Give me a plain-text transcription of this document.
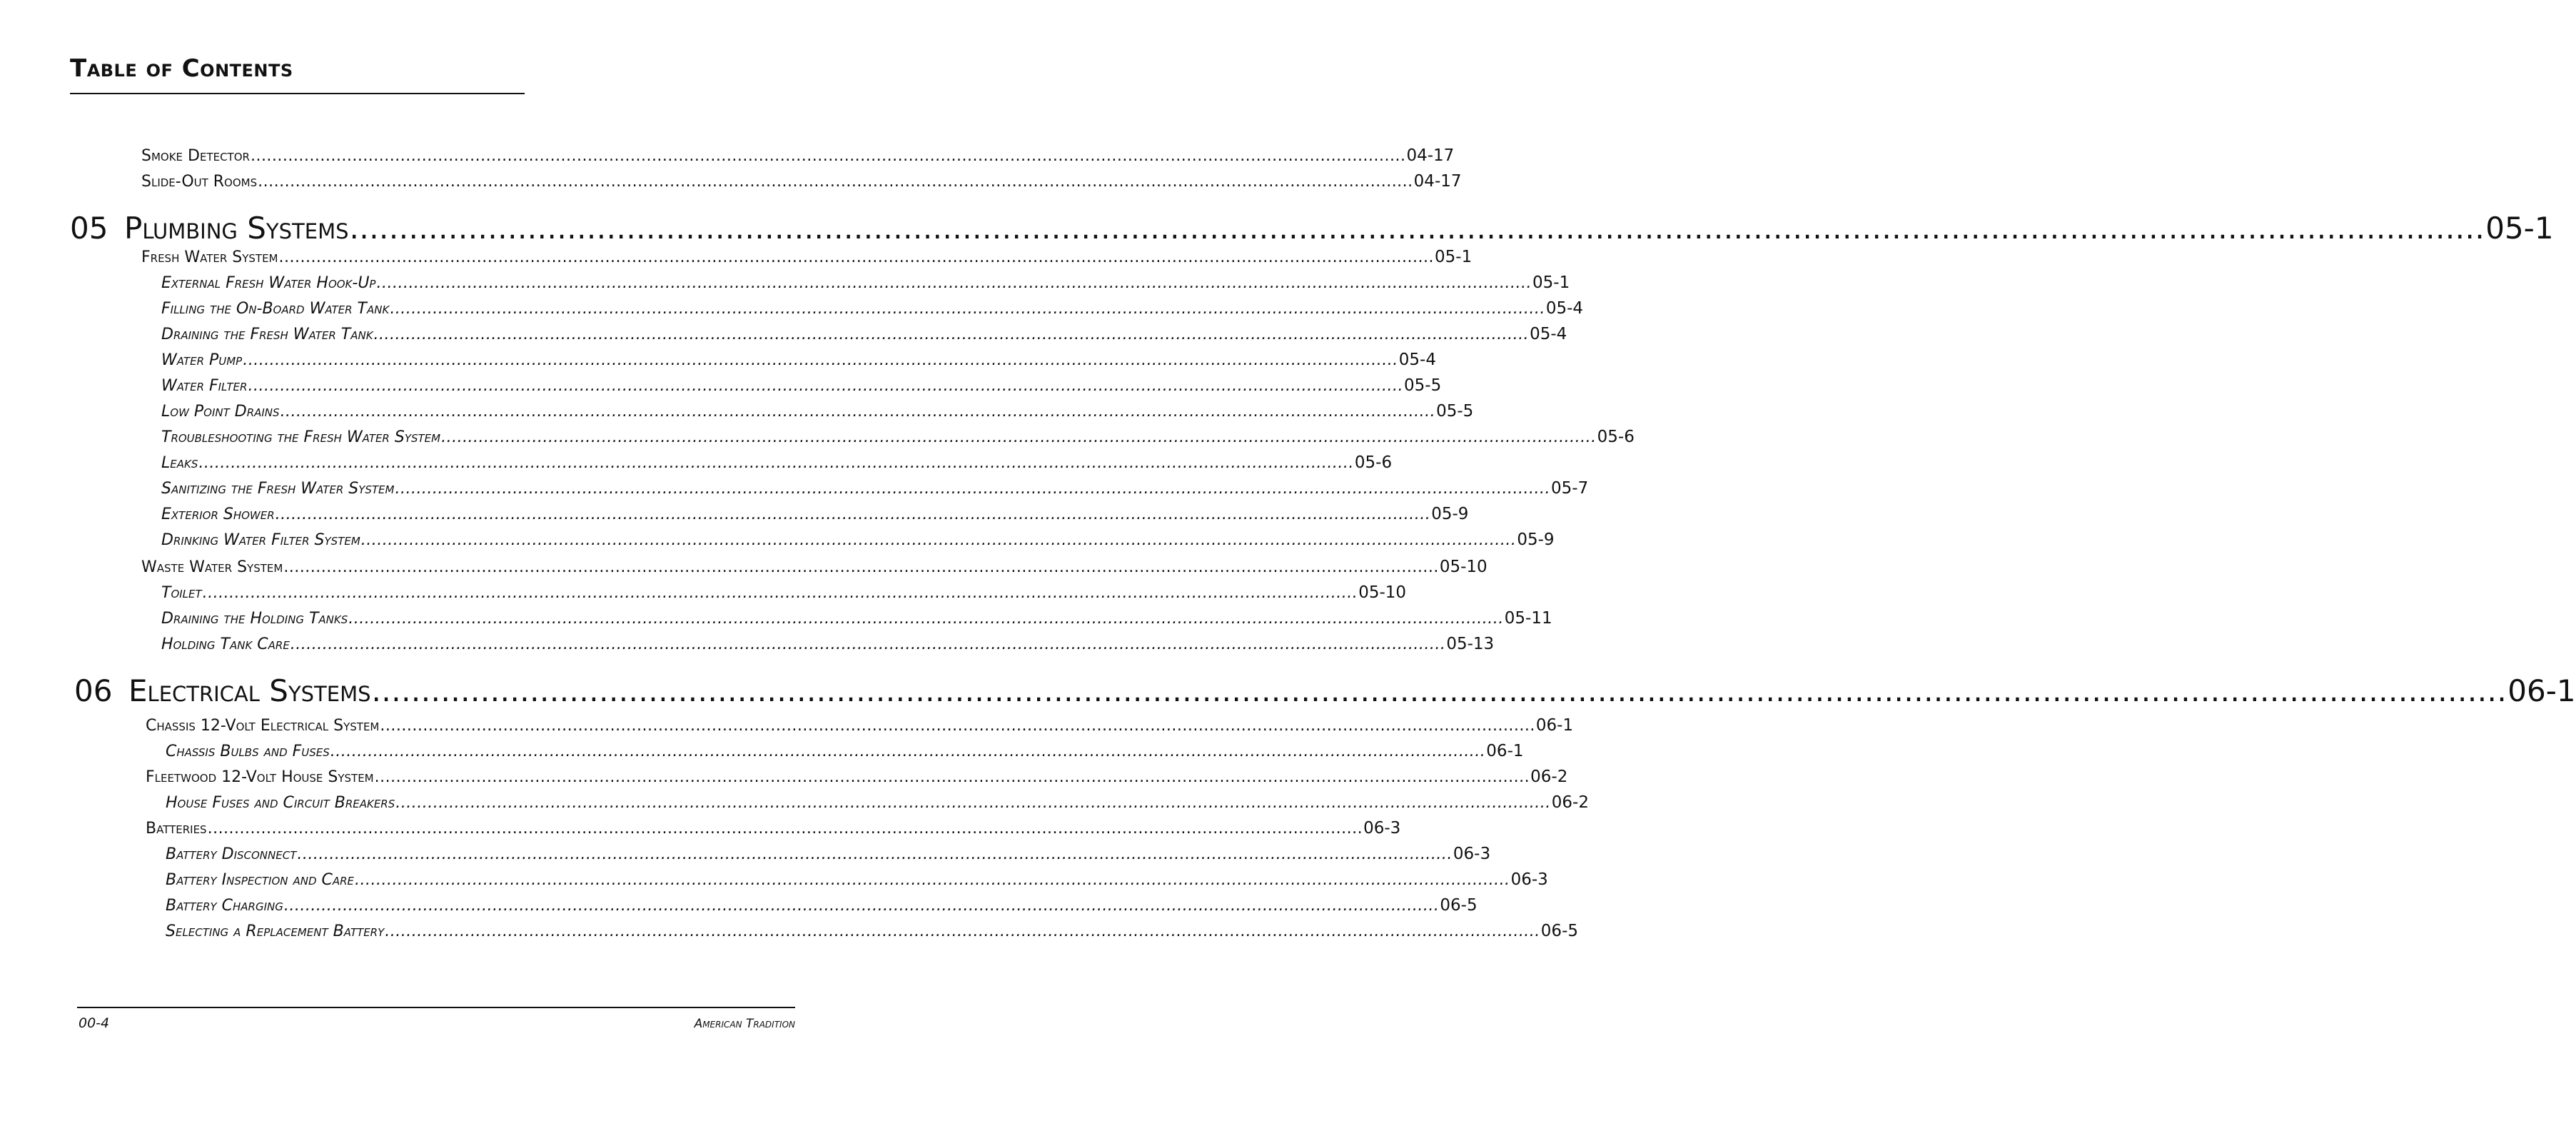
Table of Contents
Smoke Detector ........................................................................................................................................................................................................................ 04-17
Slide-Out Rooms ........................................................................................................................................................................................................................ 04-17
05 Plumbing Systems ........................................................................................................................................................................................................................ 05-1
Fresh Water System ........................................................................................................................................................................................................................ 05-1
External Fresh Water Hook-Up ........................................................................................................................................................................................................................ 05-1
Filling the On-Board Water Tank ........................................................................................................................................................................................................................ 05-4
Draining the Fresh Water Tank ........................................................................................................................................................................................................................ 05-4
Water Pump ........................................................................................................................................................................................................................ 05-4
Water Filter ........................................................................................................................................................................................................................ 05-5
Low Point Drains ........................................................................................................................................................................................................................ 05-5
Troubleshooting the Fresh Water System ........................................................................................................................................................................................................................ 05-6
Leaks ........................................................................................................................................................................................................................ 05-6
Sanitizing the Fresh Water System ........................................................................................................................................................................................................................ 05-7
Exterior Shower ........................................................................................................................................................................................................................ 05-9
Drinking Water Filter System ........................................................................................................................................................................................................................ 05-9
Waste Water System ........................................................................................................................................................................................................................ 05-10
Toilet ........................................................................................................................................................................................................................ 05-10
Draining the Holding Tanks ........................................................................................................................................................................................................................ 05-11
Holding Tank Care ........................................................................................................................................................................................................................ 05-13
06 Electrical Systems ........................................................................................................................................................................................................................ 06-1
Chassis 12-Volt Electrical System ........................................................................................................................................................................................................................ 06-1
Chassis Bulbs and Fuses ........................................................................................................................................................................................................................ 06-1
Fleetwood 12-Volt House System ........................................................................................................................................................................................................................ 06-2
House Fuses and Circuit Breakers ........................................................................................................................................................................................................................ 06-2
Batteries ........................................................................................................................................................................................................................ 06-3
Battery Disconnect ........................................................................................................................................................................................................................ 06-3
Battery Inspection and Care ........................................................................................................................................................................................................................ 06-3
Battery Charging ........................................................................................................................................................................................................................ 06-5
Selecting a Replacement Battery ........................................................................................................................................................................................................................ 06-5
00-4	American Tradition
